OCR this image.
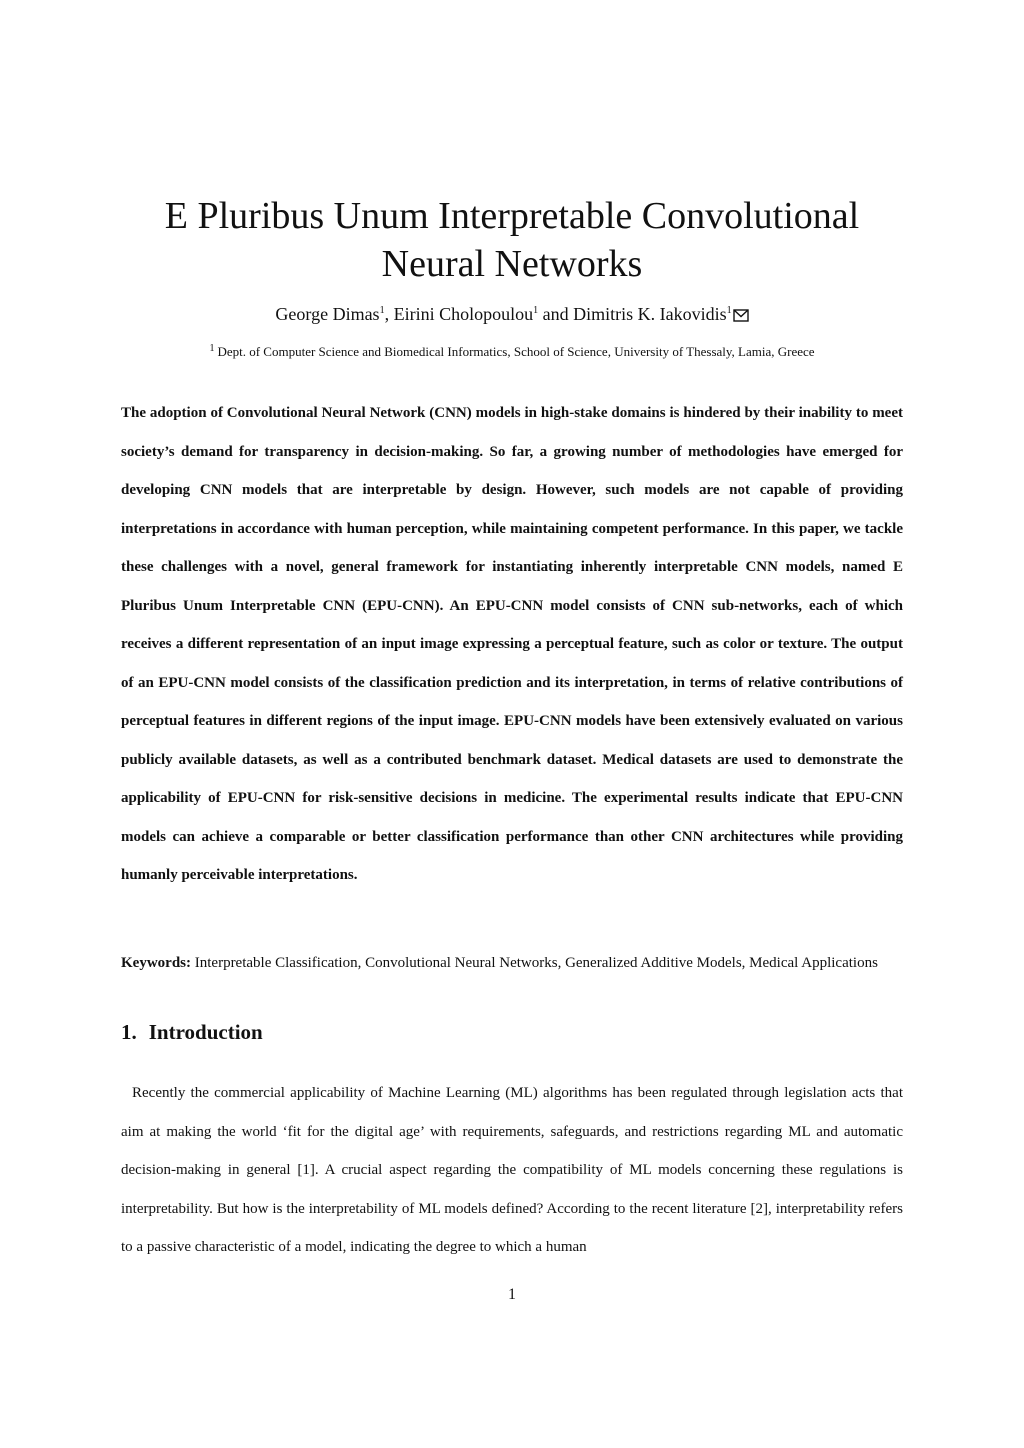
E Pluribus Unum Interpretable Convolutional
Neural Networks
George Dimas$^1$, Eirini Cholopoulou$^1$ and Dimitris K. Iakovidis$^1$
$^1$ Dept. of Computer Science and Biomedical Informatics, School of Science, University of Thessaly, Lamia, Greece

The adoption of Convolutional Neural Network (CNN) models in high-stake domains is hindered by their inability to meet society’s demand for transparency in decision-making. So far, a growing number of methodologies have emerged for developing CNN models that are interpretable by design. However, such models are not capable of providing interpretations in accordance with human perception, while maintaining competent performance. In this paper, we tackle these challenges with a novel, general framework for instantiating inherently interpretable CNN models, named E Pluribus Unum Interpretable CNN (EPU-CNN). An EPU-CNN model consists of CNN sub-networks, each of which receives a different representation of an input image expressing a perceptual feature, such as color or texture. The output of an EPU-CNN model consists of the classification prediction and its interpretation, in terms of relative contributions of perceptual features in different regions of the input image. EPU-CNN models have been extensively evaluated on various publicly available datasets, as well as a contributed benchmark dataset. Medical datasets are used to demonstrate the applicability of EPU-CNN for risk-sensitive decisions in medicine. The experimental results indicate that EPU-CNN models can achieve a comparable or better classification performance than other CNN architectures while providing humanly perceivable interpretations.

Keywords: Interpretable Classification, Convolutional Neural Networks, Generalized Additive Models, Medical Applications

1. Introduction

Recently the commercial applicability of Machine Learning (ML) algorithms has been regulated through legislation acts that aim at making the world ‘fit for the digital age’ with requirements, safeguards, and restrictions regarding ML and automatic decision-making in general [1]. A crucial aspect regarding the compatibility of ML models concerning these regulations is interpretability. But how is the interpretability of ML models defined? According to the recent literature [2], interpretability refers to a passive characteristic of a model, indicating the degree to which a human

1
